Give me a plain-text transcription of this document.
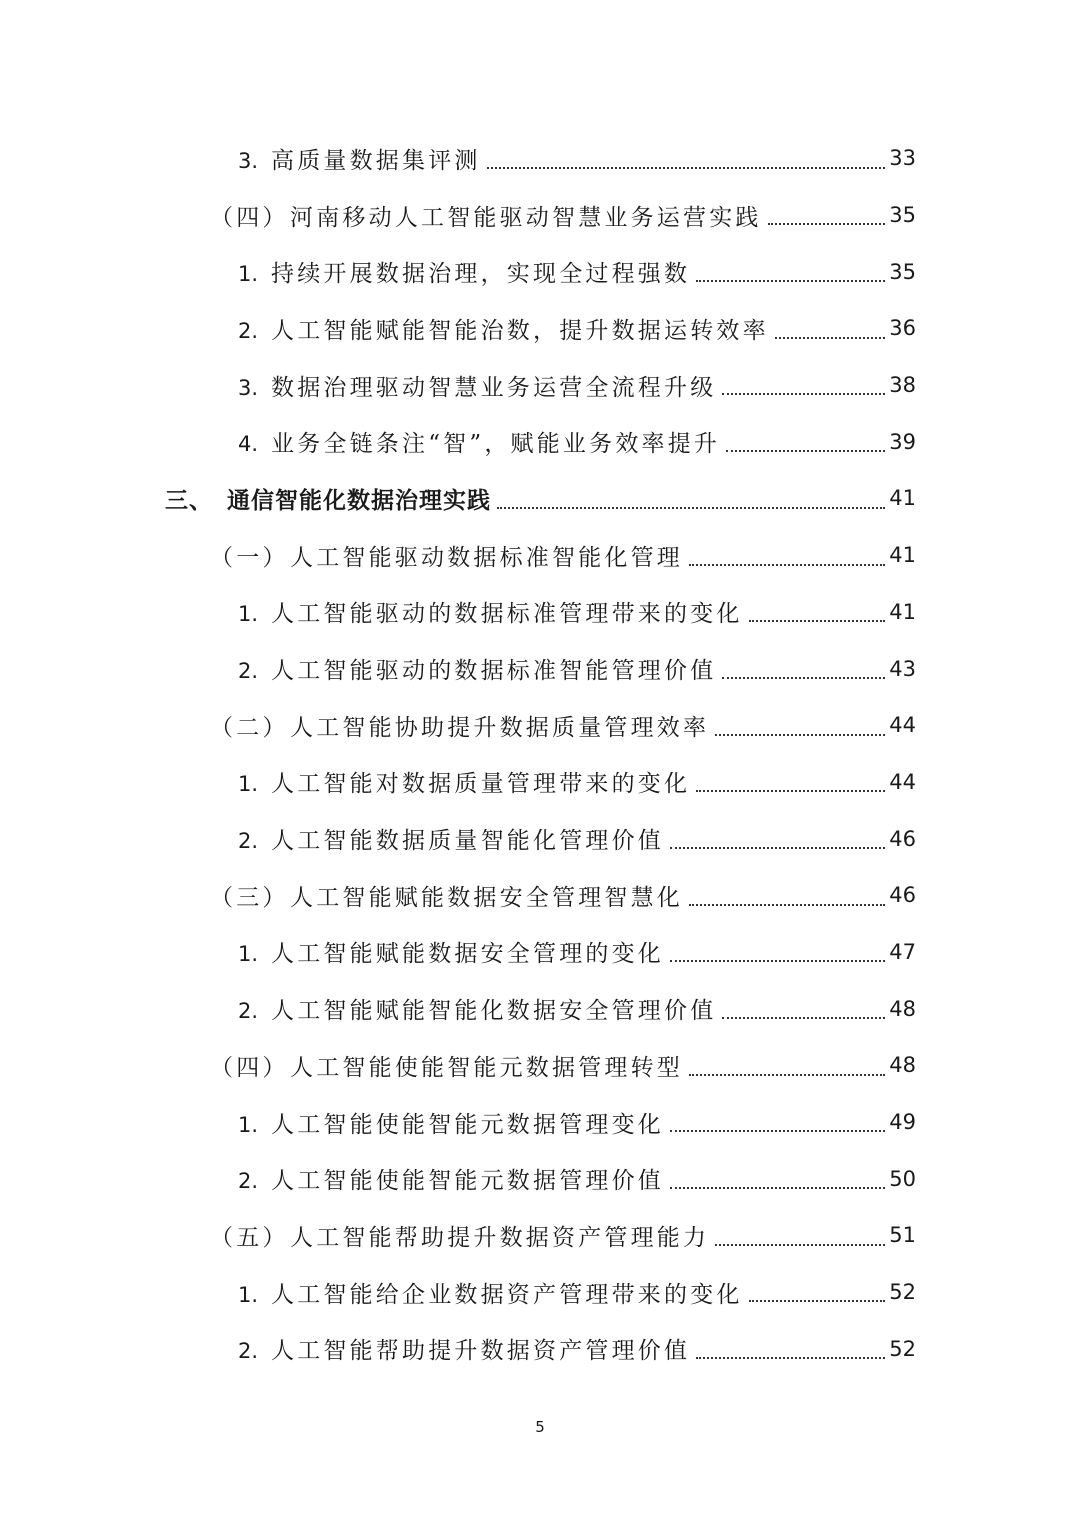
3. 高质量数据集评测	33
（四）河南移动人工智能驱动智慧业务运营实践	35
1. 持续开展数据治理，实现全过程强数	35
2. 人工智能赋能智能治数，提升数据运转效率	36
3. 数据治理驱动智慧业务运营全流程升级	38
4. 业务全链条注“智”，赋能业务效率提升	39
三、 通信智能化数据治理实践	41
（一）人工智能驱动数据标准智能化管理	41
1. 人工智能驱动的数据标准管理带来的变化	41
2. 人工智能驱动的数据标准智能管理价值	43
（二）人工智能协助提升数据质量管理效率	44
1. 人工智能对数据质量管理带来的变化	44
2. 人工智能数据质量智能化管理价值	46
（三）人工智能赋能数据安全管理智慧化	46
1. 人工智能赋能数据安全管理的变化	47
2. 人工智能赋能智能化数据安全管理价值	48
（四）人工智能使能智能元数据管理转型	48
1. 人工智能使能智能元数据管理变化	49
2. 人工智能使能智能元数据管理价值	50
（五）人工智能帮助提升数据资产管理能力	51
1. 人工智能给企业数据资产管理带来的变化	52
2. 人工智能帮助提升数据资产管理价值	52
5
